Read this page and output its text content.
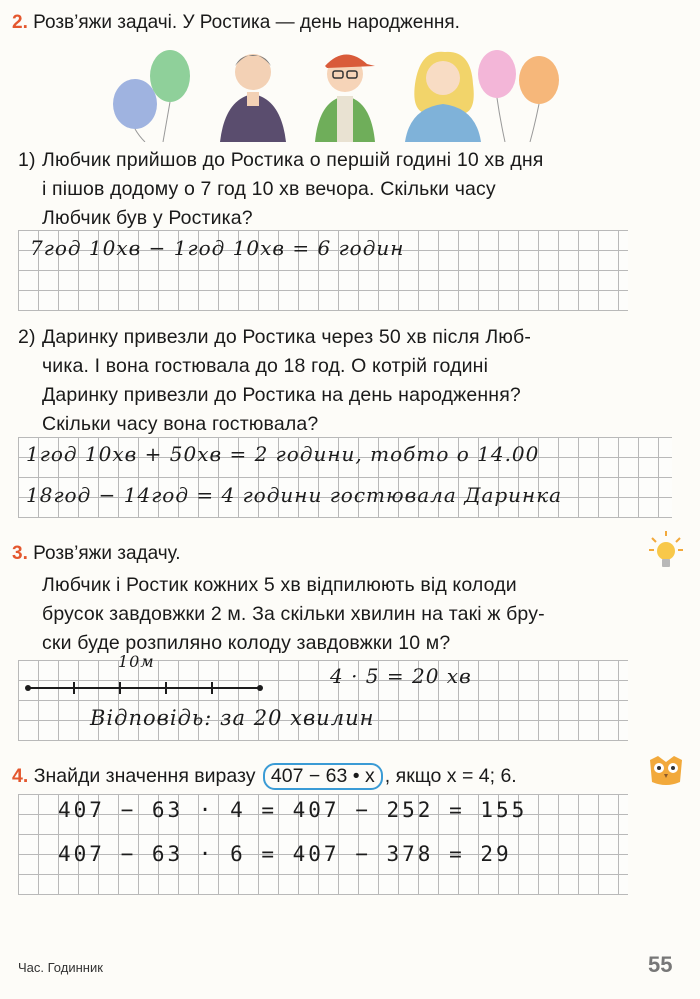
2. Розв’яжи задачі. У Ростика — день народження.
1) Любчик прийшов до Ростика о першій годині 10 хв дня
і пішов додому о 7 год 10 хв вечора. Скільки часу
Любчик був у Ростика?
7год 10хв − 1год 10хв = 6 годин
2) Даринку привезли до Ростика через 50 хв після Люб-
чика. І вона гостювала до 18 год. О котрій годині
Даринку привезли до Ростика на день народження?
Скільки часу вона гостювала?
1год 10хв + 50хв = 2 години, тобто о 14.00
18год − 14год = 4 години гостювала Даринка
3. Розв’яжи задачу.
Любчик і Ростик кожних 5 хв відпилюють від колоди
брусок завдовжки 2 м. За скільки хвилин на такі ж бру-
ски буде розпиляно колоду завдовжки 10 м?
10м
4 · 5 = 20 хв
Відповідь: за 20 хвилин
4. Знайди значення виразу 407 − 63 • x , якщо x = 4; 6.
407 − 63 · 4 = 407 − 252 = 155
407 − 63 · 6 = 407 − 378 = 29
Час. Годинник	55
